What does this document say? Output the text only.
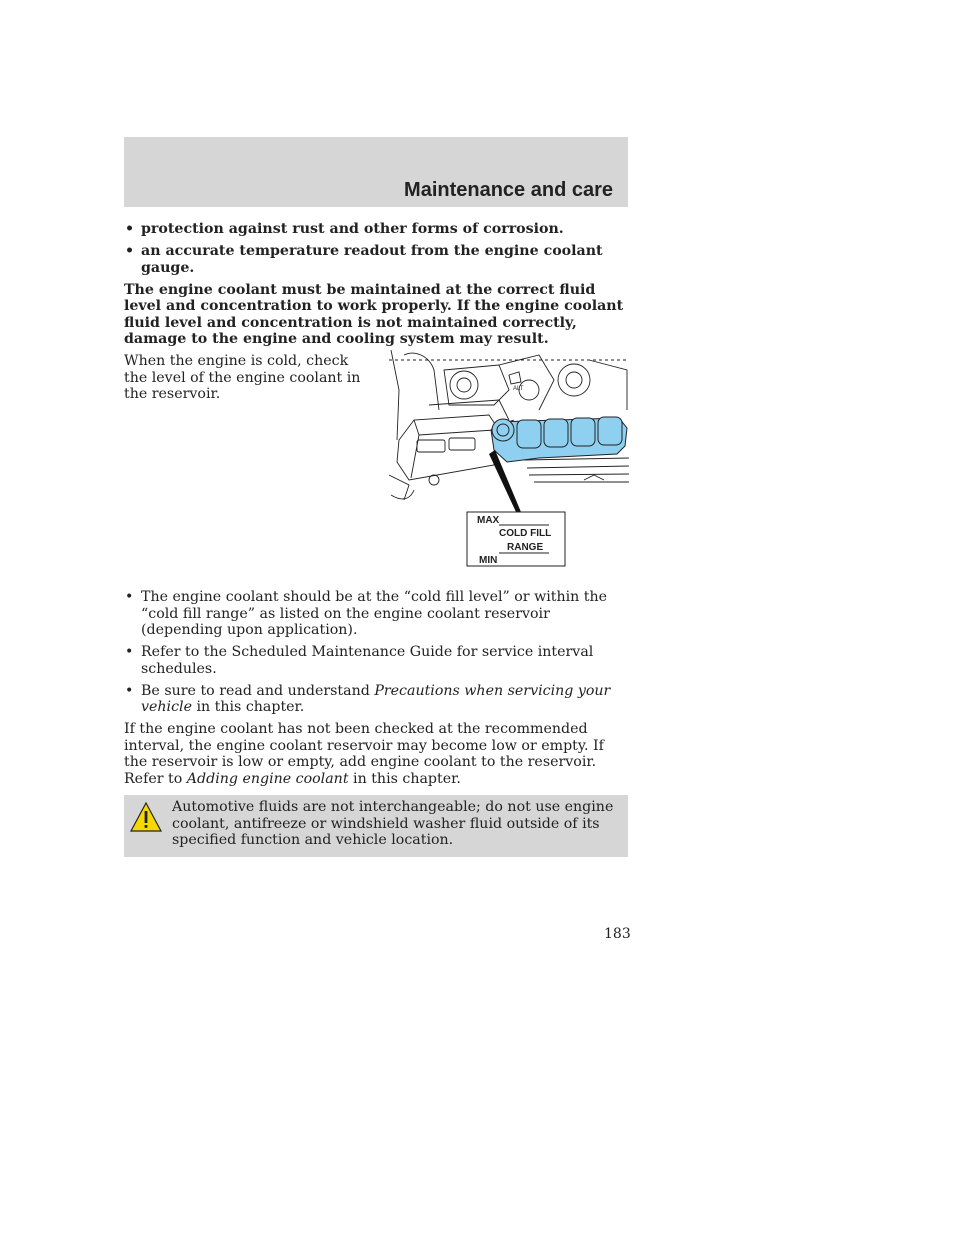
Maintenance and care
• protection against rust and other forms of corrosion.
• an accurate temperature readout from the engine coolant gauge.

The engine coolant must be maintained at the correct fluid level and concentration to work properly. If the engine coolant fluid level and concentration is not maintained correctly, damage to the engine and cooling system may result.

When the engine is cold, check the level of the engine coolant in the reservoir.
MAX
COLD FILL
RANGE
MIN
ALT
• The engine coolant should be at the “cold fill level” or within the “cold fill range” as listed on the engine coolant reservoir (depending upon application).
• Refer to the Scheduled Maintenance Guide for service interval schedules.
• Be sure to read and understand Precautions when servicing your vehicle in this chapter.

If the engine coolant has not been checked at the recommended interval, the engine coolant reservoir may become low or empty. If the reservoir is low or empty, add engine coolant to the reservoir. Refer to Adding engine coolant in this chapter.

Automotive fluids are not interchangeable; do not use engine coolant, antifreeze or windshield washer fluid outside of its specified function and vehicle location.
183
